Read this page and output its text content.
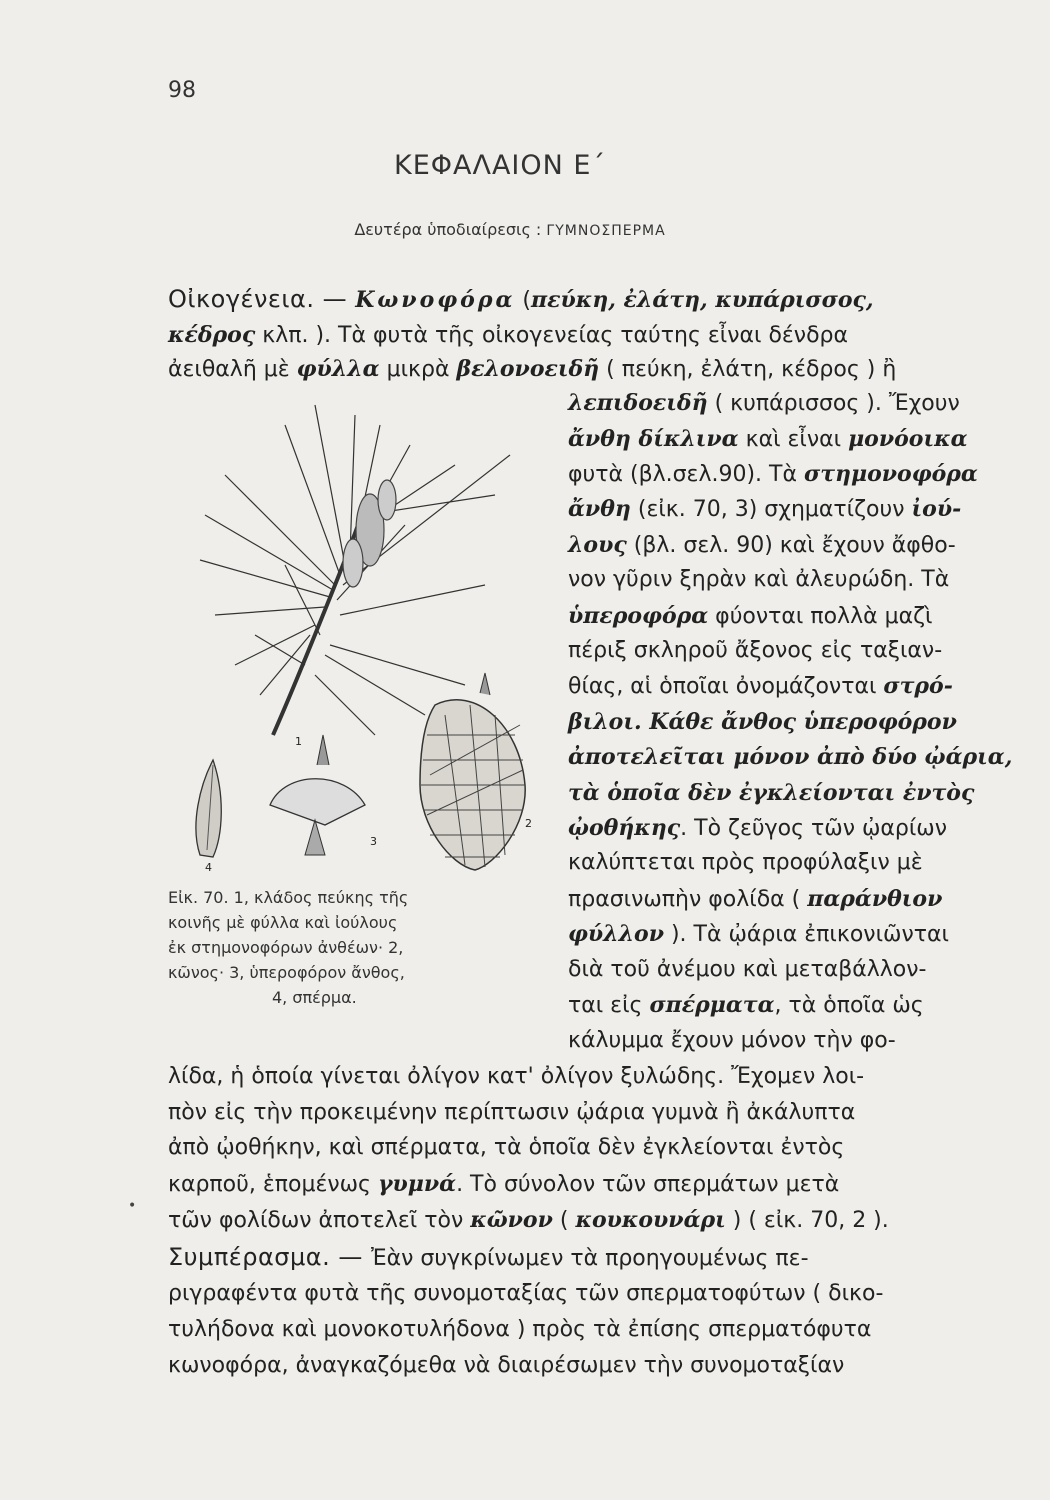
98
ΚΕΦΑΛΑΙΟΝ Ε΄
Δευτέρα ὑποδιαίρεσις : ΓΥΜΝΟΣΠΕΡΜΑ
Οἰκογένεια. — Κωνοφόρα (πεύκη, ἐλάτη, κυπάρισσος,
κέδρος κλπ. ). Τὰ φυτὰ τῆς οἰκογενείας ταύτης εἶναι δένδρα
ἀειθαλῆ μὲ φύλλα μικρὰ βελονοειδῆ ( πεύκη, ἐλάτη, κέδρος ) ἢ
λεπιδοειδῆ ( κυπάρισσος ). Ἔχουν
ἄνθη δίκλινα καὶ εἶναι μονόοικα
φυτὰ (βλ.σελ.90). Τὰ στημονοφόρα
ἄνθη (εἰκ. 70, 3) σχηματίζουν ἰού-
λους (βλ. σελ. 90) καὶ ἔχουν ἄφθο-
νον γῦριν ξηρὰν καὶ ἀλευρώδη. Τὰ
ὑπεροφόρα φύονται πολλὰ μαζὶ
πέριξ σκληροῦ ἄξονος εἰς ταξιαν-
θίας, αἱ ὁποῖαι ὀνομάζονται στρό-
βιλοι. Κάθε ἄνθος ὑπεροφόρον
ἀποτελεῖται μόνον ἀπὸ δύο ᾠάρια,
τὰ ὁποῖα δὲν ἐγκλείονται ἐντὸς
ᾠοθήκης. Τὸ ζεῦγος τῶν ᾠαρίων
καλύπτεται πρὸς προφύλαξιν μὲ
πρασινωπὴν φολίδα ( παράνθιον
φύλλον ). Τὰ ᾠάρια ἐπικονιῶνται
διὰ τοῦ ἀνέμου καὶ μεταβάλλον-
ται εἰς σπέρματα, τὰ ὁποῖα ὡς
κάλυμμα ἔχουν μόνον τὴν φο-
λίδα, ἡ ὁποία γίνεται ὀλίγον κατ' ὀλίγον ξυλώδης. Ἔχομεν λοι-
πὸν εἰς τὴν προκειμένην περίπτωσιν ᾠάρια γυμνὰ ἢ ἀκάλυπτα
ἀπὸ ᾠοθήκην, καὶ σπέρματα, τὰ ὁποῖα δὲν ἐγκλείονται ἐντὸς
καρποῦ, ἑπομένως γυμνά. Τὸ σύνολον τῶν σπερμάτων μετὰ
τῶν φολίδων ἀποτελεῖ τὸν κῶνον ( κουκουνάρι ) ( εἰκ. 70, 2 ).
Συμπέρασμα. — Ἐὰν συγκρίνωμεν τὰ προηγουμένως πε-
ριγραφέντα φυτὰ τῆς συνομοταξίας τῶν σπερματοφύτων ( δικο-
τυλήδονα καὶ μονοκοτυλήδονα ) πρὸς τὰ ἐπίσης σπερματόφυτα
κωνοφόρα, ἀναγκαζόμεθα νὰ διαιρέσωμεν τὴν συνομοταξίαν
•
1
2
3
4
Εἰκ. 70. 1, κλάδος πεύκης τῆς
κοινῆς μὲ φύλλα καὶ ἰούλους
ἐκ στημονοφόρων ἀνθέων· 2,
κῶνος· 3, ὑπεροφόρον ἄνθος,
4, σπέρμα.
